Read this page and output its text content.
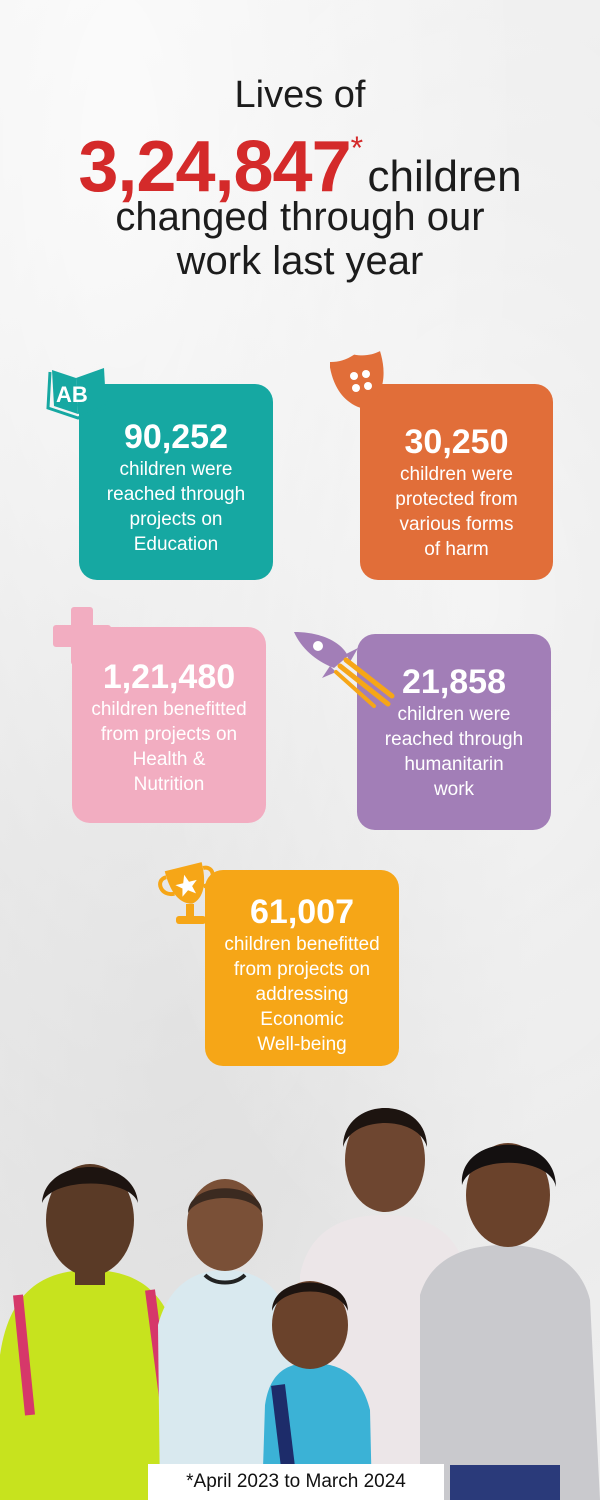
Lives of
3,24,847* children
changed through our
work last year
90,252
children were
reached through
projects on
Education
AB
30,250
children were
protected from
various forms
of harm
1,21,480
children benefitted
from projects on
Health &
Nutrition
21,858
children were
reached through
humanitarin
work
61,007
children benefitted
from projects on
addressing
Economic
Well-being
*April 2023 to March 2024
